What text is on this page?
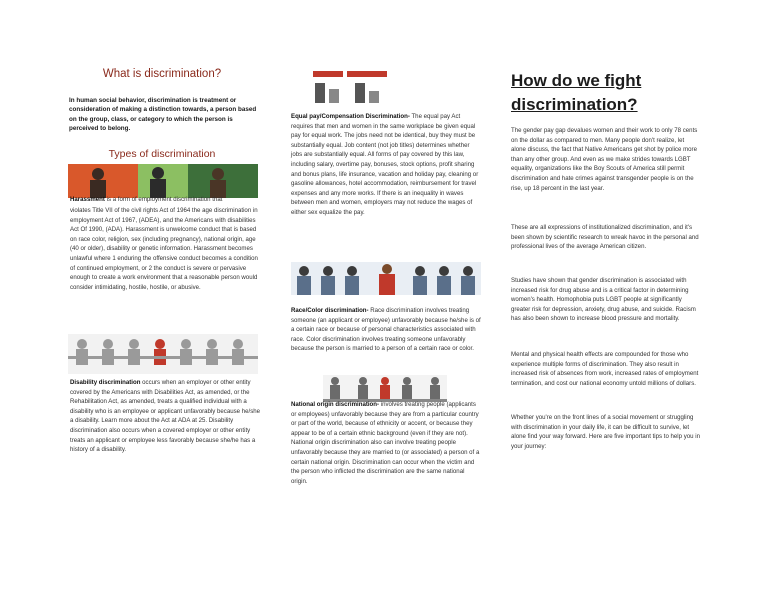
What is discrimination?

In human social behavior, discrimination is treatment or consideration of making a distinction towards, a person based on the group, class, or category to which the person is perceived to belong.

Types of discrimination
Harassment is a form of employment discrimination that

violates Title VII of the civil rights Act of 1964 the age discrimination in employment Act of 1967, (ADEA), and the Americans with disabilities Act Of 1990, (ADA). Harassment is unwelcome conduct that is based on race color, religion, sex (including pregnancy), national origin, age (40 or older), disability or genetic information. Harassment becomes unlawful where 1 enduring the offensive conduct becomes a condition of continued employment, or 2 the conduct is severe or pervasive enough to create a work environment that a reasonable person would consider intimidating, hostile, hostile, or abusive.

Disability discrimination occurs when an employer or other entity covered by the Americans with Disabilities Act, as amended, or the Rehabilitation Act, as amended, treats a qualified individual with a disability who is an employee or applicant unfavorably because he/she a disability. Learn more about the Act at ADA at 25. Disability discrimination also occurs when a covered employer or other entity treats an applicant or employee less favorably because she/he has a history of a disability.

Equal pay/Compensation Discrimination- The equal pay Act requires that men and women in the same workplace be given equal pay for equal work. The jobs need not be identical, buy they must be substantially equal. Job content (not job titles) determines whether jobs are substantially equal. All forms of pay covered by this law, including salary, overtime pay, bonuses, stock options, profit sharing and bonus plans, life insurance, vacation and holiday pay, cleaning or gasoline allowances, hotel accommodation, reimbursement for travel expenses and any more works. If there is an inequality in waves between men and women, employers may not reduce the wages of either sex equalize the pay.

Race/Color discrimination- Race discrimination involves treating someone (an applicant or employee) unfavorably because he/she is of a certain race or because of personal characteristics associated with race. Color discrimination involves treating someone unfavorably because the person is married to a person of a certain race or color.

National origin discrimination- involves treating people (applicants or employees) unfavorably because they are from a particular country or part of the world, because of ethnicity or accent, or because they appear to be of a certain ethnic background (even if they are not). National origin discrimination also can involve treating people unfavorably because they are married to (or associated) a person of a certain national origin. Discrimination can occur when the victim and the person who inflicted the discrimination are the same national origin.

How do we fight discrimination?

The gender pay gap devalues women and their work to only 78 cents on the dollar as compared to men. Many people don't realize, let alone discuss, the fact that Native Americans get shot by police more than any other group. And even as we make strides towards LGBT equality, organizations like the Boy Scouts of America still permit discrimination and hate crimes against transgender people is on the rise, up 18 percent in the last year.

These are all expressions of institutionalized discrimination, and it's been shown by scientific research to wreak havoc in the personal and professional lives of the average American citizen.

Studies have shown that gender discrimination is associated with increased risk for drug abuse and is a critical factor in determining women's health. Homophobia puts LGBT people at significantly greater risk for depression, anxiety, drug abuse, and suicide. Racism has also been shown to increase blood pressure and mortality.

Mental and physical health effects are compounded for those who experience multiple forms of discrimination. They also result in increased risk of absences from work, increased rates of employment termination, and cost our national economy untold millions of dollars.

Whether you're on the front lines of a social movement or struggling with discrimination in your daily life, it can be difficult to survive, let alone find your way forward. Here are five important tips to help you in your journey:
